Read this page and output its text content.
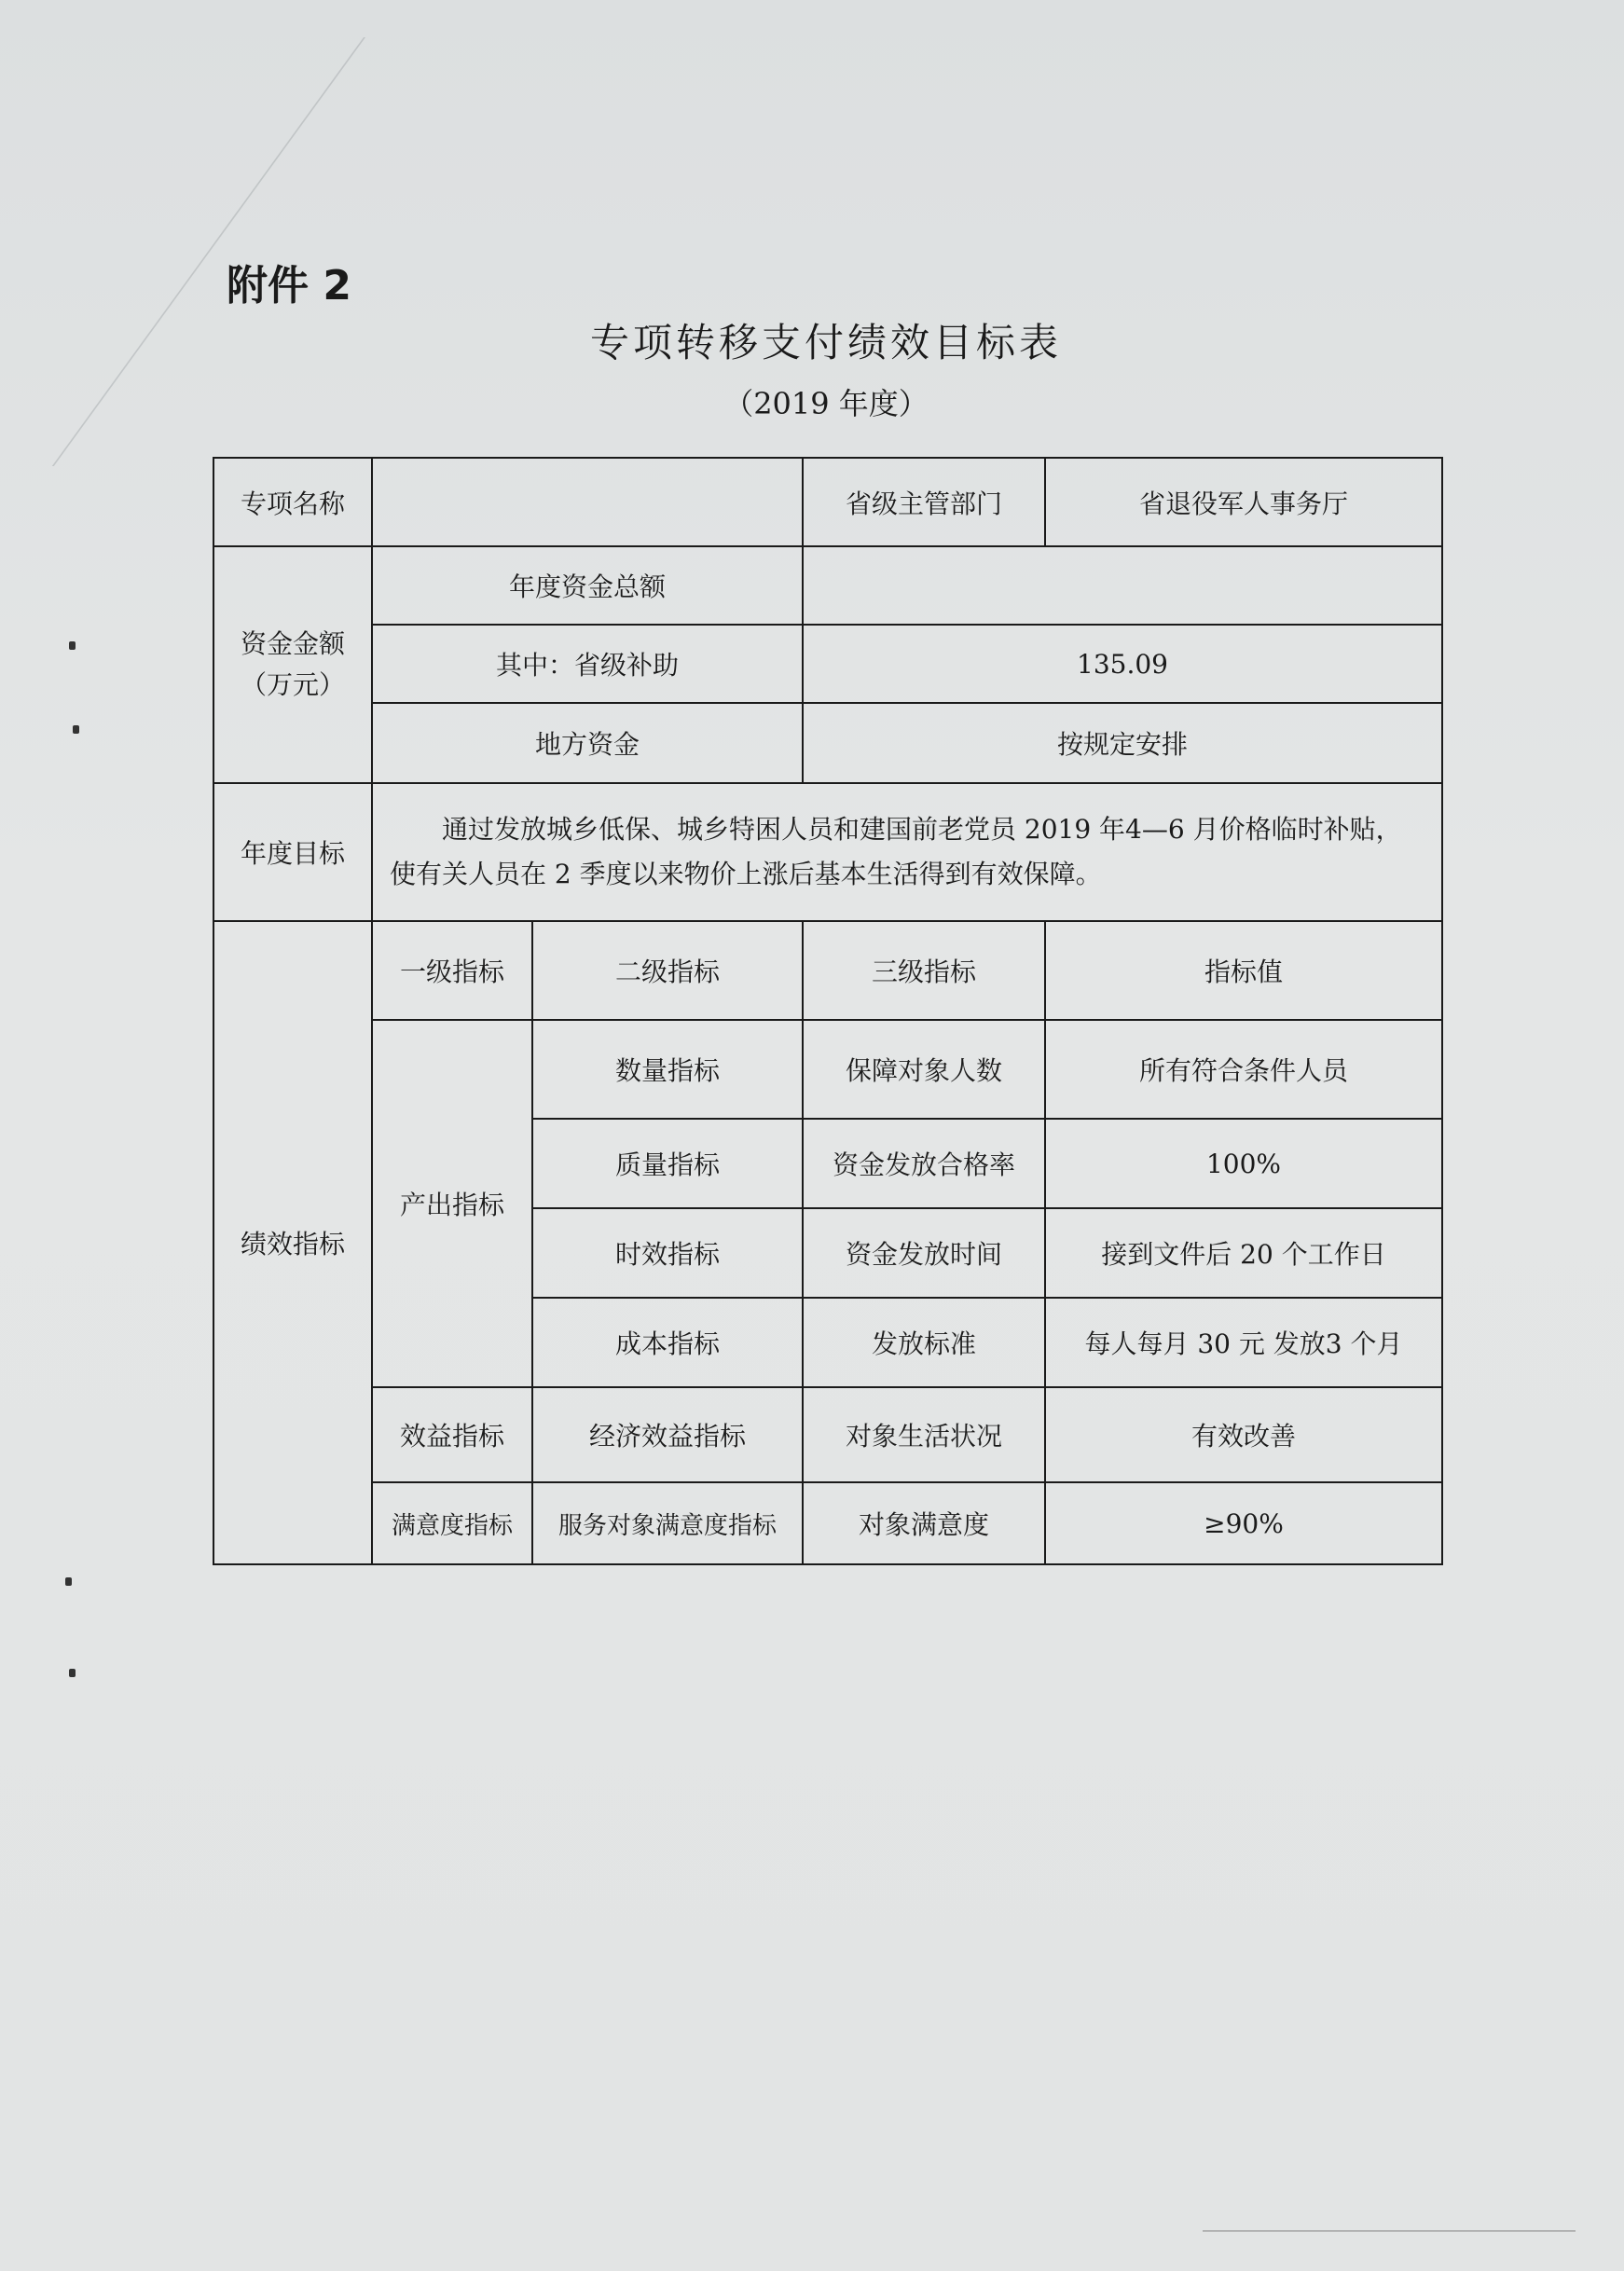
附件 2
专项转移支付绩效目标表
（2019 年度）
专项名称			省级主管部门	省退役军人事务厅
资金金额
（万元）	年度资金总额			
	其中：省级补助		135.09	
	地方资金		按规定安排	
年度目标	通过发放城乡低保、城乡特困人员和建国前老党员 2019 年4—6 月价格临时补贴，使有关人员在 2 季度以来物价上涨后基本生活得到有效保障。			
绩效指标	一级指标	二级指标	三级指标	指标值
	产出指标	数量指标	保障对象人数	所有符合条件人员
		质量指标	资金发放合格率	100%
		时效指标	资金发放时间	接到文件后 20 个工作日
		成本指标	发放标准	每人每月 30 元 发放3 个月
	效益指标	经济效益指标	对象生活状况	有效改善
	满意度指标	服务对象满意度指标	对象满意度	≥90%
